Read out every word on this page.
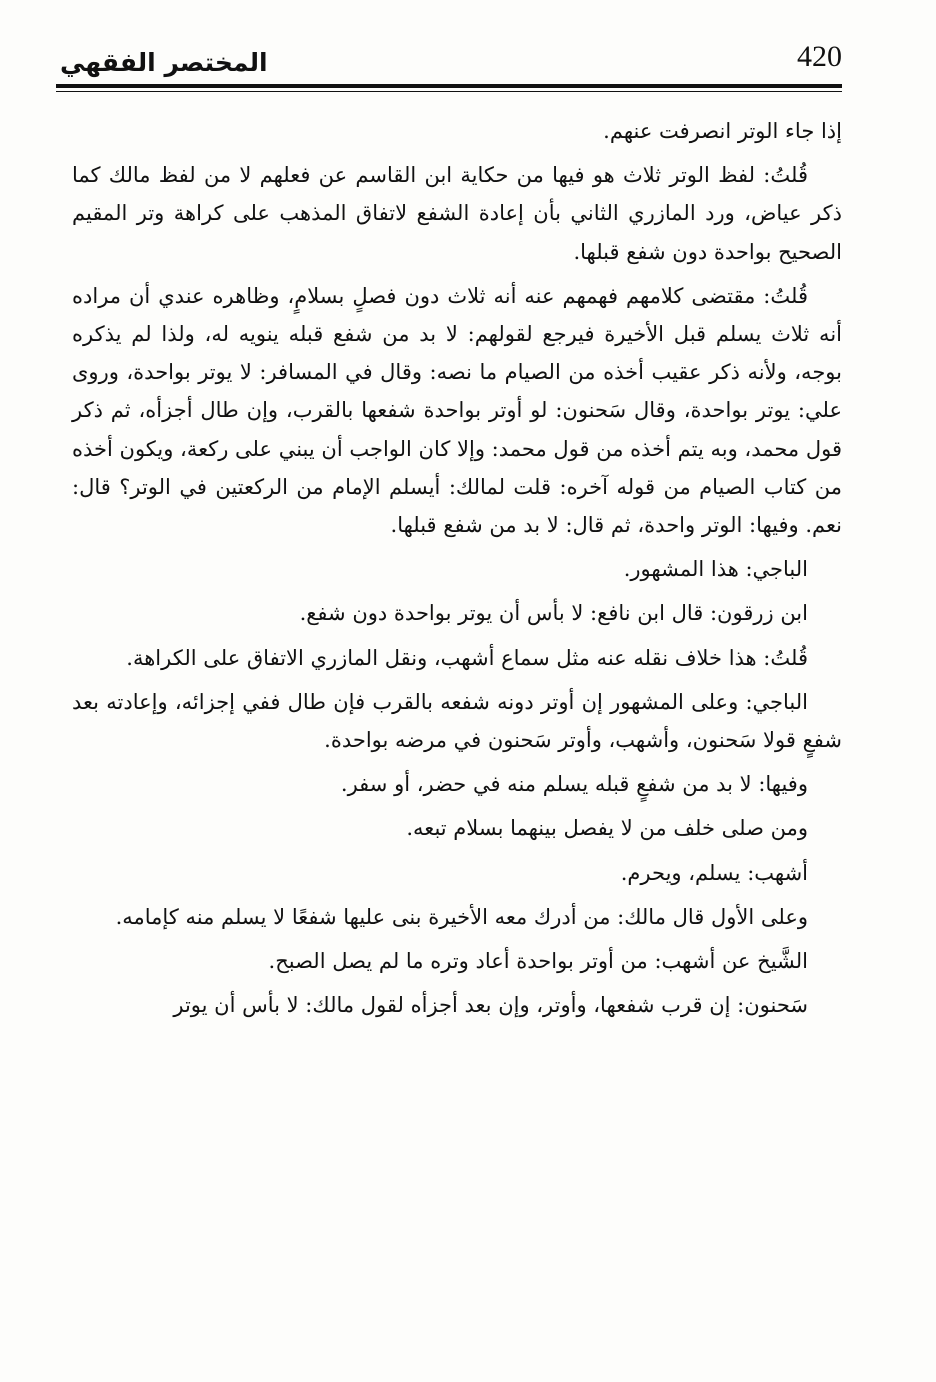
420
المختصر الفقهي

إذا جاء الوتر انصرفت عنهم.

قُلتُ: لفظ الوتر ثلاث هو فيها من حكاية ابن القاسم عن فعلهم لا من لفظ مالك كما ذكر عياض، ورد المازري الثاني بأن إعادة الشفع لاتفاق المذهب على كراهة وتر المقيم الصحيح بواحدة دون شفع قبلها.

قُلتُ: مقتضى كلامهم فهمهم عنه أنه ثلاث دون فصلٍ بسلامٍ، وظاهره عندي أن مراده أنه ثلاث يسلم قبل الأخيرة فيرجع لقولهم: لا بد من شفع قبله ينويه له، ولذا لم يذكره بوجه، ولأنه ذكر عقيب أخذه من الصيام ما نصه: وقال في المسافر: لا يوتر بواحدة، وروى علي: يوتر بواحدة، وقال سَحنون: لو أوتر بواحدة شفعها بالقرب، وإن طال أجزأه، ثم ذكر قول محمد، وبه يتم أخذه من قول محمد: وإلا كان الواجب أن يبني على ركعة، ويكون أخذه من كتاب الصيام من قوله آخره: قلت لمالك: أيسلم الإمام من الركعتين في الوتر؟ قال: نعم. وفيها: الوتر واحدة، ثم قال: لا بد من شفع قبلها.

الباجي: هذا المشهور.

ابن زرقون: قال ابن نافع: لا بأس أن يوتر بواحدة دون شفع.

قُلتُ: هذا خلاف نقله عنه مثل سماع أشهب، ونقل المازري الاتفاق على الكراهة.

الباجي: وعلى المشهور إن أوتر دونه شفعه بالقرب فإن طال ففي إجزائه، وإعادته بعد شفعٍ قولا سَحنون، وأشهب، وأوتر سَحنون في مرضه بواحدة.

وفيها: لا بد من شفعٍ قبله يسلم منه في حضر، أو سفر.

ومن صلى خلف من لا يفصل بينهما بسلام تبعه.

أشهب: يسلم، ويحرم.

وعلى الأول قال مالك: من أدرك معه الأخيرة بنى عليها شفعًا لا يسلم منه كإمامه.

الشَّيخ عن أشهب: من أوتر بواحدة أعاد وتره ما لم يصل الصبح.

سَحنون: إن قرب شفعها، وأوتر، وإن بعد أجزأه لقول مالك: لا بأس أن يوتر
